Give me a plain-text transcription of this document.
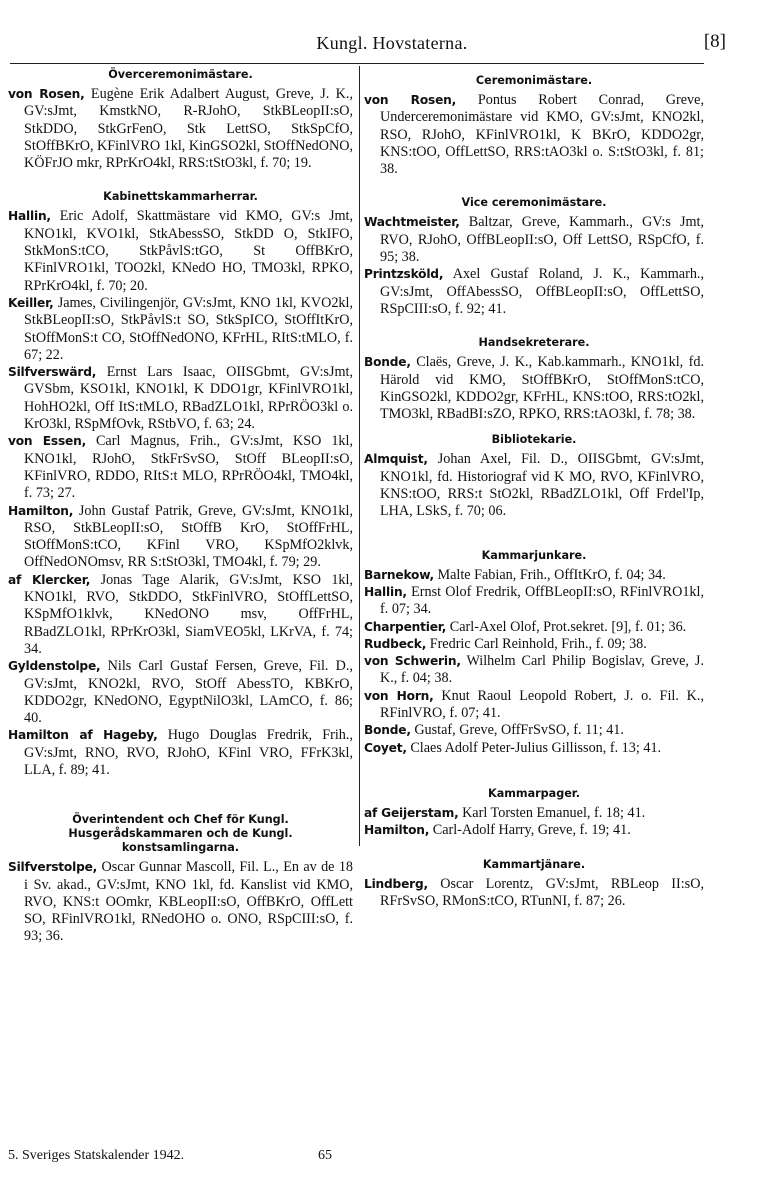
Kungl. Hovstaterna.	[8]
Överceremonimästare.

von Rosen, Eugène Erik Adalbert August, Greve, J. K., GV:sJmt, KmstkNO, R-RJohO, StkBLeopII:sO, StkDDO, StkGrFenO, Stk LettSO, StkSpCfO, StOffBKrO, KFinlVRO 1kl, KinGSO2kl, StOffNedONO, KÖFrJO mkr, RPrKrO4kl, RRS:tStO3kl, f. 70; 19.

Kabinettskammarherrar.

Hallin, Eric Adolf, Skattmästare vid KMO, GV:s Jmt, KNO1kl, KVO1kl, StkAbessSO, StkDD O, StkIFO, StkMonS:tCO, StkPåvlS:tGO, St OffBKrO, KFinlVRO1kl, TOO2kl, KNedO HO, TMO3kl, RPKO, RPrKrO4kl, f. 70; 20.

Keiller, James, Civilingenjör, GV:sJmt, KNO 1kl, KVO2kl, StkBLeopII:sO, StkPåvlS:t SO, StkSpICO, StOffItKrO, StOffMonS:t CO, StOffNedONO, KFrHL, RItS:tMLO, f. 67; 22.

Silfverswärd, Ernst Lars Isaac, OIISGbmt, GV:sJmt, GVSbm, KSO1kl, KNO1kl, K DDO1gr, KFinlVRO1kl, HohHO2kl, Off ItS:tMLO, RBadZLO1kl, RPrRÖO3kl o. KrO3kl, RSpMfOvk, RStbVO, f. 63; 24.

von Essen, Carl Magnus, Frih., GV:sJmt, KSO 1kl, KNO1kl, RJohO, StkFrSvSO, StOff BLeopII:sO, KFinlVRO, RDDO, RItS:t MLO, RPrRÖO4kl, TMO4kl, f. 73; 27.

Hamilton, John Gustaf Patrik, Greve, GV:sJmt, KNO1kl, RSO, StkBLeopII:sO, StOffB KrO, StOffFrHL, StOffMonS:tCO, KFinl VRO, KSpMfO2klvk, OffNedONOmsv, RR S:tStO3kl, TMO4kl, f. 79; 29.

af Klercker, Jonas Tage Alarik, GV:sJmt, KSO 1kl, KNO1kl, RVO, StkDDO, StkFinlVRO, StOffLettSO, KSpMfO1klvk, KNedONO msv, OffFrHL, RBadZLO1kl, RPrKrO3kl, SiamVEO5kl, LKrVA, f. 74; 34.

Gyldenstolpe, Nils Carl Gustaf Fersen, Greve, Fil. D., GV:sJmt, KNO2kl, RVO, StOff AbessTO, KBKrO, KDDO2gr, KNedONO, EgyptNilO3kl, LAmCO, f. 86; 40.

Hamilton af Hageby, Hugo Douglas Fredrik, Frih., GV:sJmt, RNO, RVO, RJohO, KFinl VRO, FFrK3kl, LLA, f. 89; 41.

Överintendent och Chef för Kungl. Husgerådskammaren och de Kungl. konstsamlingarna.

Silfverstolpe, Oscar Gunnar Mascoll, Fil. L., En av de 18 i Sv. akad., GV:sJmt, KNO 1kl, fd. Kanslist vid KMO, RVO, KNS:t OOmkr, KBLeopII:sO, OffBKrO, OffLett SO, RFinlVRO1kl, RNedOHO o. ONO, RSpCIII:sO, f. 93; 36.

Ceremonimästare.

von Rosen, Pontus Robert Conrad, Greve, Underceremonimästare vid KMO, GV:sJmt, KNO2kl, RSO, RJohO, KFinlVRO1kl, K BKrO, KDDO2gr, KNS:tOO, OffLettSO, RRS:tAO3kl o. S:tStO3kl, f. 81; 38.

Vice ceremonimästare.

Wachtmeister, Baltzar, Greve, Kammarh., GV:s Jmt, RVO, RJohO, OffBLeopII:sO, Off LettSO, RSpCfO, f. 95; 38.

Printzsköld, Axel Gustaf Roland, J. K., Kammarh., GV:sJmt, OffAbessSO, OffBLeopII:sO, OffLettSO, RSpCIII:sO, f. 92; 41.

Handsekreterare.

Bonde, Claës, Greve, J. K., Kab.kammarh., KNO1kl, fd. Härold vid KMO, StOffBKrO, StOffMonS:tCO, KinGSO2kl, KDDO2gr, KFrHL, KNS:tOO, RRS:tO2kl, TMO3kl, RBadBI:sZO, RPKO, RRS:tAO3kl, f. 78; 38.

Bibliotekarie.

Almquist, Johan Axel, Fil. D., OIISGbmt, GV:sJmt, KNO1kl, fd. Historiograf vid K MO, RVO, KFinlVRO, KNS:tOO, RRS:t StO2kl, RBadZLO1kl, Off Frdel'Ip, LHA, LSkS, f. 70; 06.

Kammarjunkare.

Barnekow, Malte Fabian, Frih., OffItKrO, f. 04; 34.

Hallin, Ernst Olof Fredrik, OffBLeopII:sO, RFinlVRO1kl, f. 07; 34.

Charpentier, Carl-Axel Olof, Prot.sekret. [9], f. 01; 36.

Rudbeck, Fredric Carl Reinhold, Frih., f. 09; 38.

von Schwerin, Wilhelm Carl Philip Bogislav, Greve, J. K., f. 04; 38.

von Horn, Knut Raoul Leopold Robert, J. o. Fil. K., RFinlVRO, f. 07; 41.

Bonde, Gustaf, Greve, OffFrSvSO, f. 11; 41.

Coyet, Claes Adolf Peter-Julius Gillisson, f. 13; 41.

Kammarpager.

af Geijerstam, Karl Torsten Emanuel, f. 18; 41.

Hamilton, Carl-Adolf Harry, Greve, f. 19; 41.

Kammartjänare.

Lindberg, Oscar Lorentz, GV:sJmt, RBLeop II:sO, RFrSvSO, RMonS:tCO, RTunNI, f. 87; 26.

5. Sveriges Statskalender 1942.	65
